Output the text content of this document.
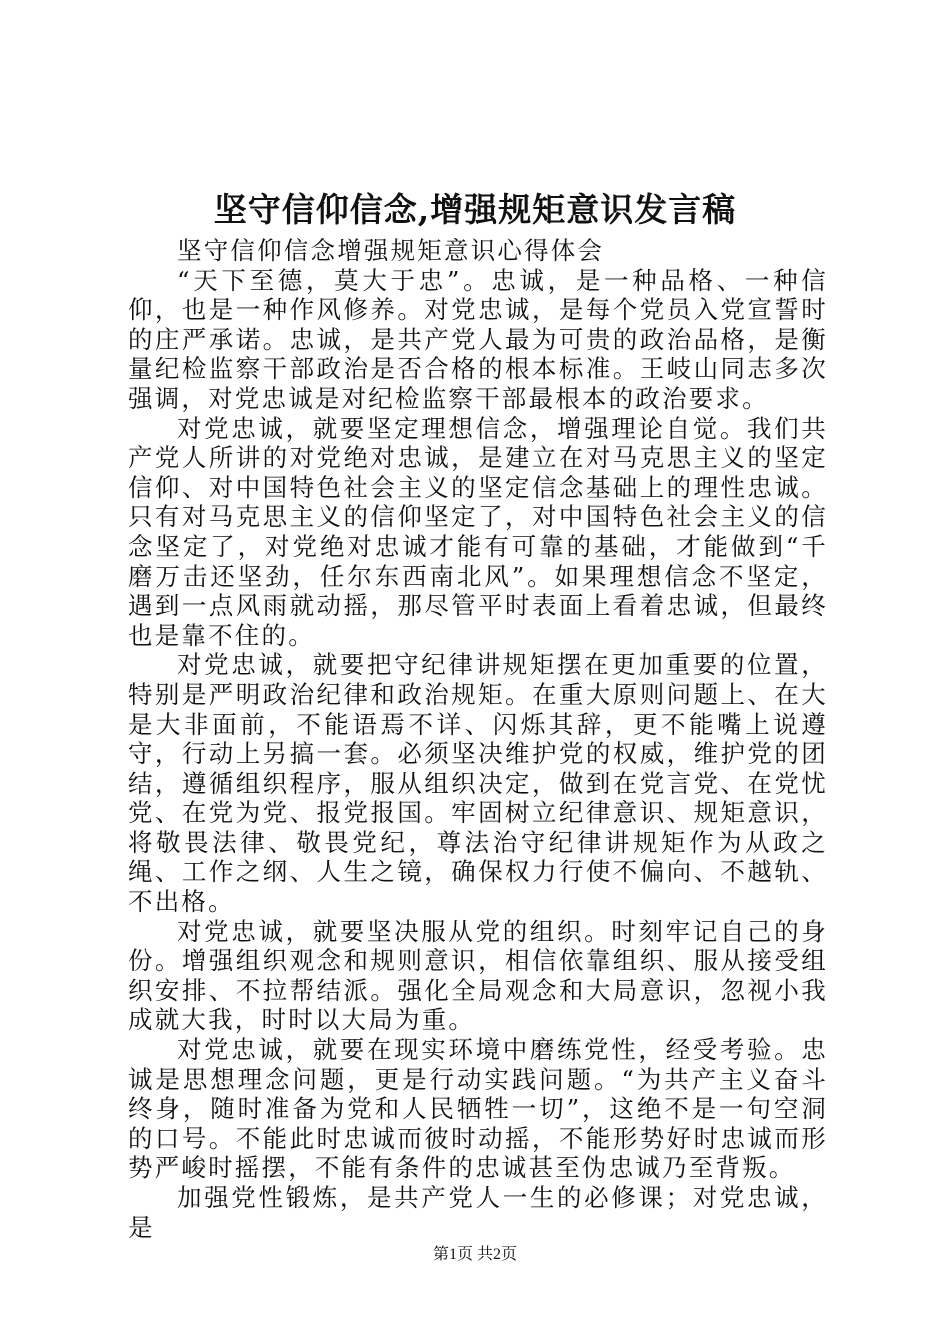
坚守信仰信念,增强规矩意识发言稿

坚守信仰信念增强规矩意识心得体会

“天下至德，莫大于忠”。忠诚，是一种品格、一种信仰，也是一种作风修养。对党忠诚，是每个党员入党宣誓时的庄严承诺。忠诚，是共产党人最为可贵的政治品格，是衡量纪检监察干部政治是否合格的根本标准。王岐山同志多次强调，对党忠诚是对纪检监察干部最根本的政治要求。

对党忠诚，就要坚定理想信念，增强理论自觉。我们共产党人所讲的对党绝对忠诚，是建立在对马克思主义的坚定信仰、对中国特色社会主义的坚定信念基础上的理性忠诚。只有对马克思主义的信仰坚定了，对中国特色社会主义的信念坚定了，对党绝对忠诚才能有可靠的基础，才能做到“千磨万击还坚劲，任尔东西南北风”。如果理想信念不坚定，遇到一点风雨就动摇，那尽管平时表面上看着忠诚，但最终也是靠不住的。

对党忠诚，就要把守纪律讲规矩摆在更加重要的位置，特别是严明政治纪律和政治规矩。在重大原则问题上、在大是大非面前，不能语焉不详、闪烁其辞，更不能嘴上说遵守，行动上另搞一套。必须坚决维护党的权威，维护党的团结，遵循组织程序，服从组织决定，做到在党言党、在党忧党、在党为党、报党报国。牢固树立纪律意识、规矩意识，将敬畏法律、敬畏党纪，尊法治守纪律讲规矩作为从政之绳、工作之纲、人生之镜，确保权力行使不偏向、不越轨、不出格。

对党忠诚，就要坚决服从党的组织。时刻牢记自己的身份。增强组织观念和规则意识，相信依靠组织、服从接受组织安排、不拉帮结派。强化全局观念和大局意识，忽视小我成就大我，时时以大局为重。

对党忠诚，就要在现实环境中磨练党性，经受考验。忠诚是思想理念问题，更是行动实践问题。“为共产主义奋斗终身，随时准备为党和人民牺牲一切”，这绝不是一句空洞的口号。不能此时忠诚而彼时动摇，不能形势好时忠诚而形势严峻时摇摆，不能有条件的忠诚甚至伪忠诚乃至背叛。

加强党性锻炼，是共产党人一生的必修课；对党忠诚，是

第1页 共2页
